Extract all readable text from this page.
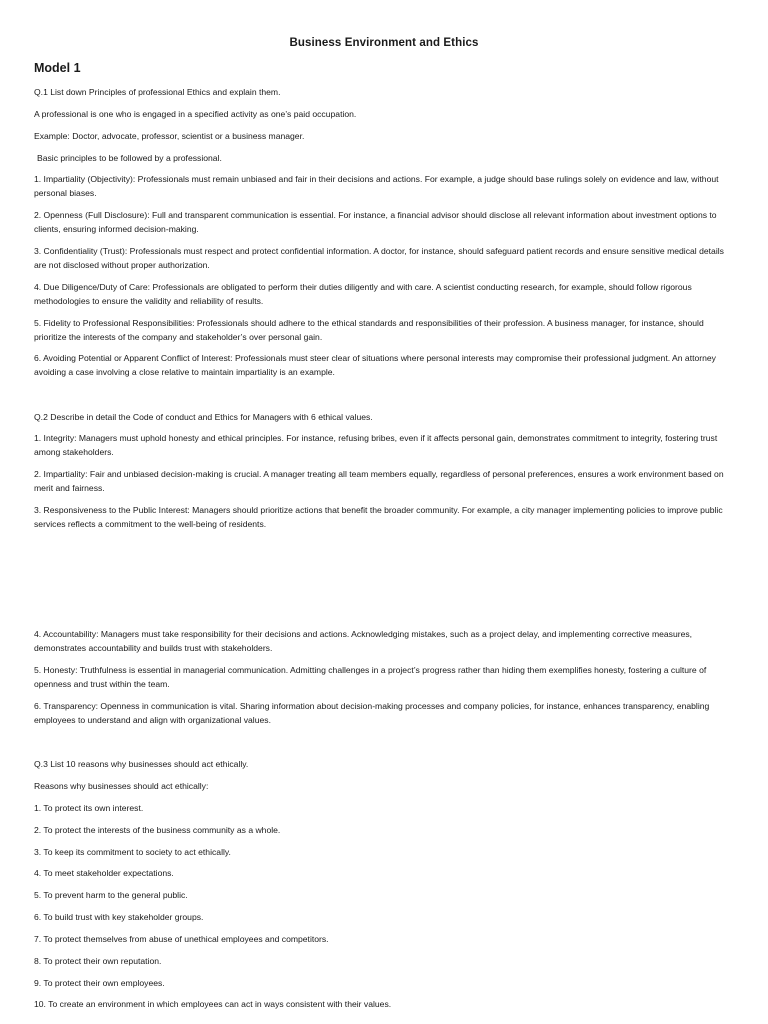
Business Environment and Ethics
Model 1

Q.1 List down Principles of professional Ethics and explain them.

A professional is one who is engaged in a specified activity as one’s paid occupation.

Example: Doctor, advocate, professor, scientist or a business manager.

Basic principles to be followed by a professional.

1. Impartiality (Objectivity): Professionals must remain unbiased and fair in their decisions and actions. For example, a judge should base rulings solely on evidence and law, without personal biases.

2. Openness (Full Disclosure): Full and transparent communication is essential. For instance, a financial advisor should disclose all relevant information about investment options to clients, ensuring informed decision-making.

3. Confidentiality (Trust): Professionals must respect and protect confidential information. A doctor, for instance, should safeguard patient records and ensure sensitive medical details are not disclosed without proper authorization.

4. Due Diligence/Duty of Care: Professionals are obligated to perform their duties diligently and with care. A scientist conducting research, for example, should follow rigorous methodologies to ensure the validity and reliability of results.

5. Fidelity to Professional Responsibilities: Professionals should adhere to the ethical standards and responsibilities of their profession. A business manager, for instance, should prioritize the interests of the company and stakeholder’s over personal gain.

6. Avoiding Potential or Apparent Conflict of Interest: Professionals must steer clear of situations where personal interests may compromise their professional judgment. An attorney avoiding a case involving a close relative to maintain impartiality is an example.

Q.2 Describe in detail the Code of conduct and Ethics for Managers with 6 ethical values.

1. Integrity: Managers must uphold honesty and ethical principles. For instance, refusing bribes, even if it affects personal gain, demonstrates commitment to integrity, fostering trust among stakeholders.

2. Impartiality: Fair and unbiased decision-making is crucial. A manager treating all team members equally, regardless of personal preferences, ensures a work environment based on merit and fairness.

3. Responsiveness to the Public Interest: Managers should prioritize actions that benefit the broader community. For example, a city manager implementing policies to improve public services reflects a commitment to the well-being of residents.

4. Accountability: Managers must take responsibility for their decisions and actions. Acknowledging mistakes, such as a project delay, and implementing corrective measures, demonstrates accountability and builds trust with stakeholders.

5. Honesty: Truthfulness is essential in managerial communication. Admitting challenges in a project’s progress rather than hiding them exemplifies honesty, fostering a culture of openness and trust within the team.

6. Transparency: Openness in communication is vital. Sharing information about decision-making processes and company policies, for instance, enhances transparency, enabling employees to understand and align with organizational values.

Q.3 List 10 reasons why businesses should act ethically.

Reasons why businesses should act ethically:

1. To protect its own interest.

2. To protect the interests of the business community as a whole.

3. To keep its commitment to society to act ethically.

4. To meet stakeholder expectations.

5. To prevent harm to the general public.

6. To build trust with key stakeholder groups.

7. To protect themselves from abuse of unethical employees and competitors.

8. To protect their own reputation.

9. To protect their own employees.

10. To create an environment in which employees can act in ways consistent with their values.
